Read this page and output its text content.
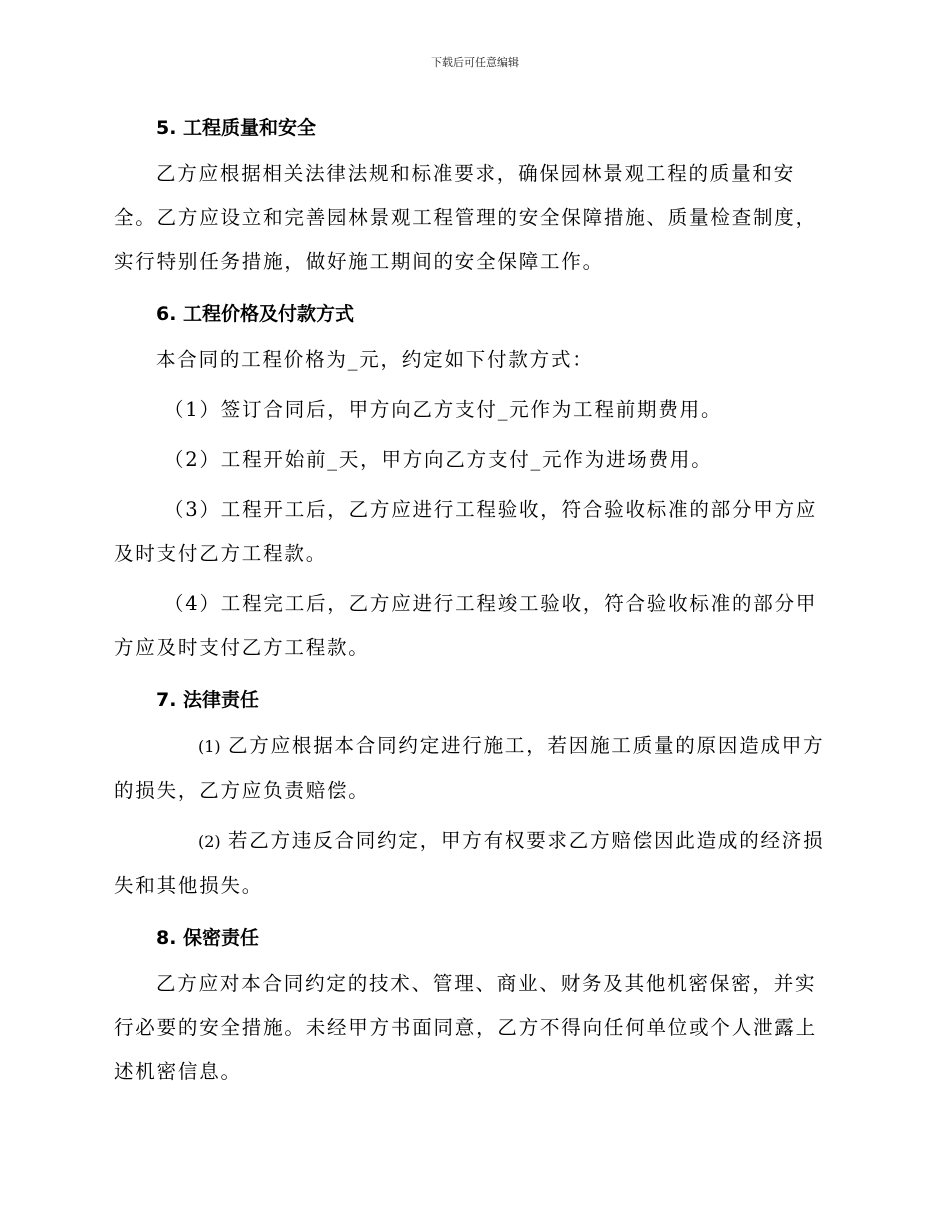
下载后可任意编辑
5. 工程质量和安全

乙方应根据相关法律法规和标准要求，确保园林景观工程的质量和安全。乙方应设立和完善园林景观工程管理的安全保障措施、质量检查制度，实行特别任务措施，做好施工期间的安全保障工作。

6. 工程价格及付款方式

本合同的工程价格为_元，约定如下付款方式：

（1）签订合同后，甲方向乙方支付_元作为工程前期费用。

（2）工程开始前_天，甲方向乙方支付_元作为进场费用。

（3）工程开工后，乙方应进行工程验收，符合验收标准的部分甲方应及时支付乙方工程款。

（4）工程完工后，乙方应进行工程竣工验收，符合验收标准的部分甲方应及时支付乙方工程款。

7. 法律责任

(1) 乙方应根据本合同约定进行施工，若因施工质量的原因造成甲方的损失，乙方应负责赔偿。

(2) 若乙方违反合同约定，甲方有权要求乙方赔偿因此造成的经济损失和其他损失。

8. 保密责任

乙方应对本合同约定的技术、管理、商业、财务及其他机密保密，并实行必要的安全措施。未经甲方书面同意，乙方不得向任何单位或个人泄露上述机密信息。
